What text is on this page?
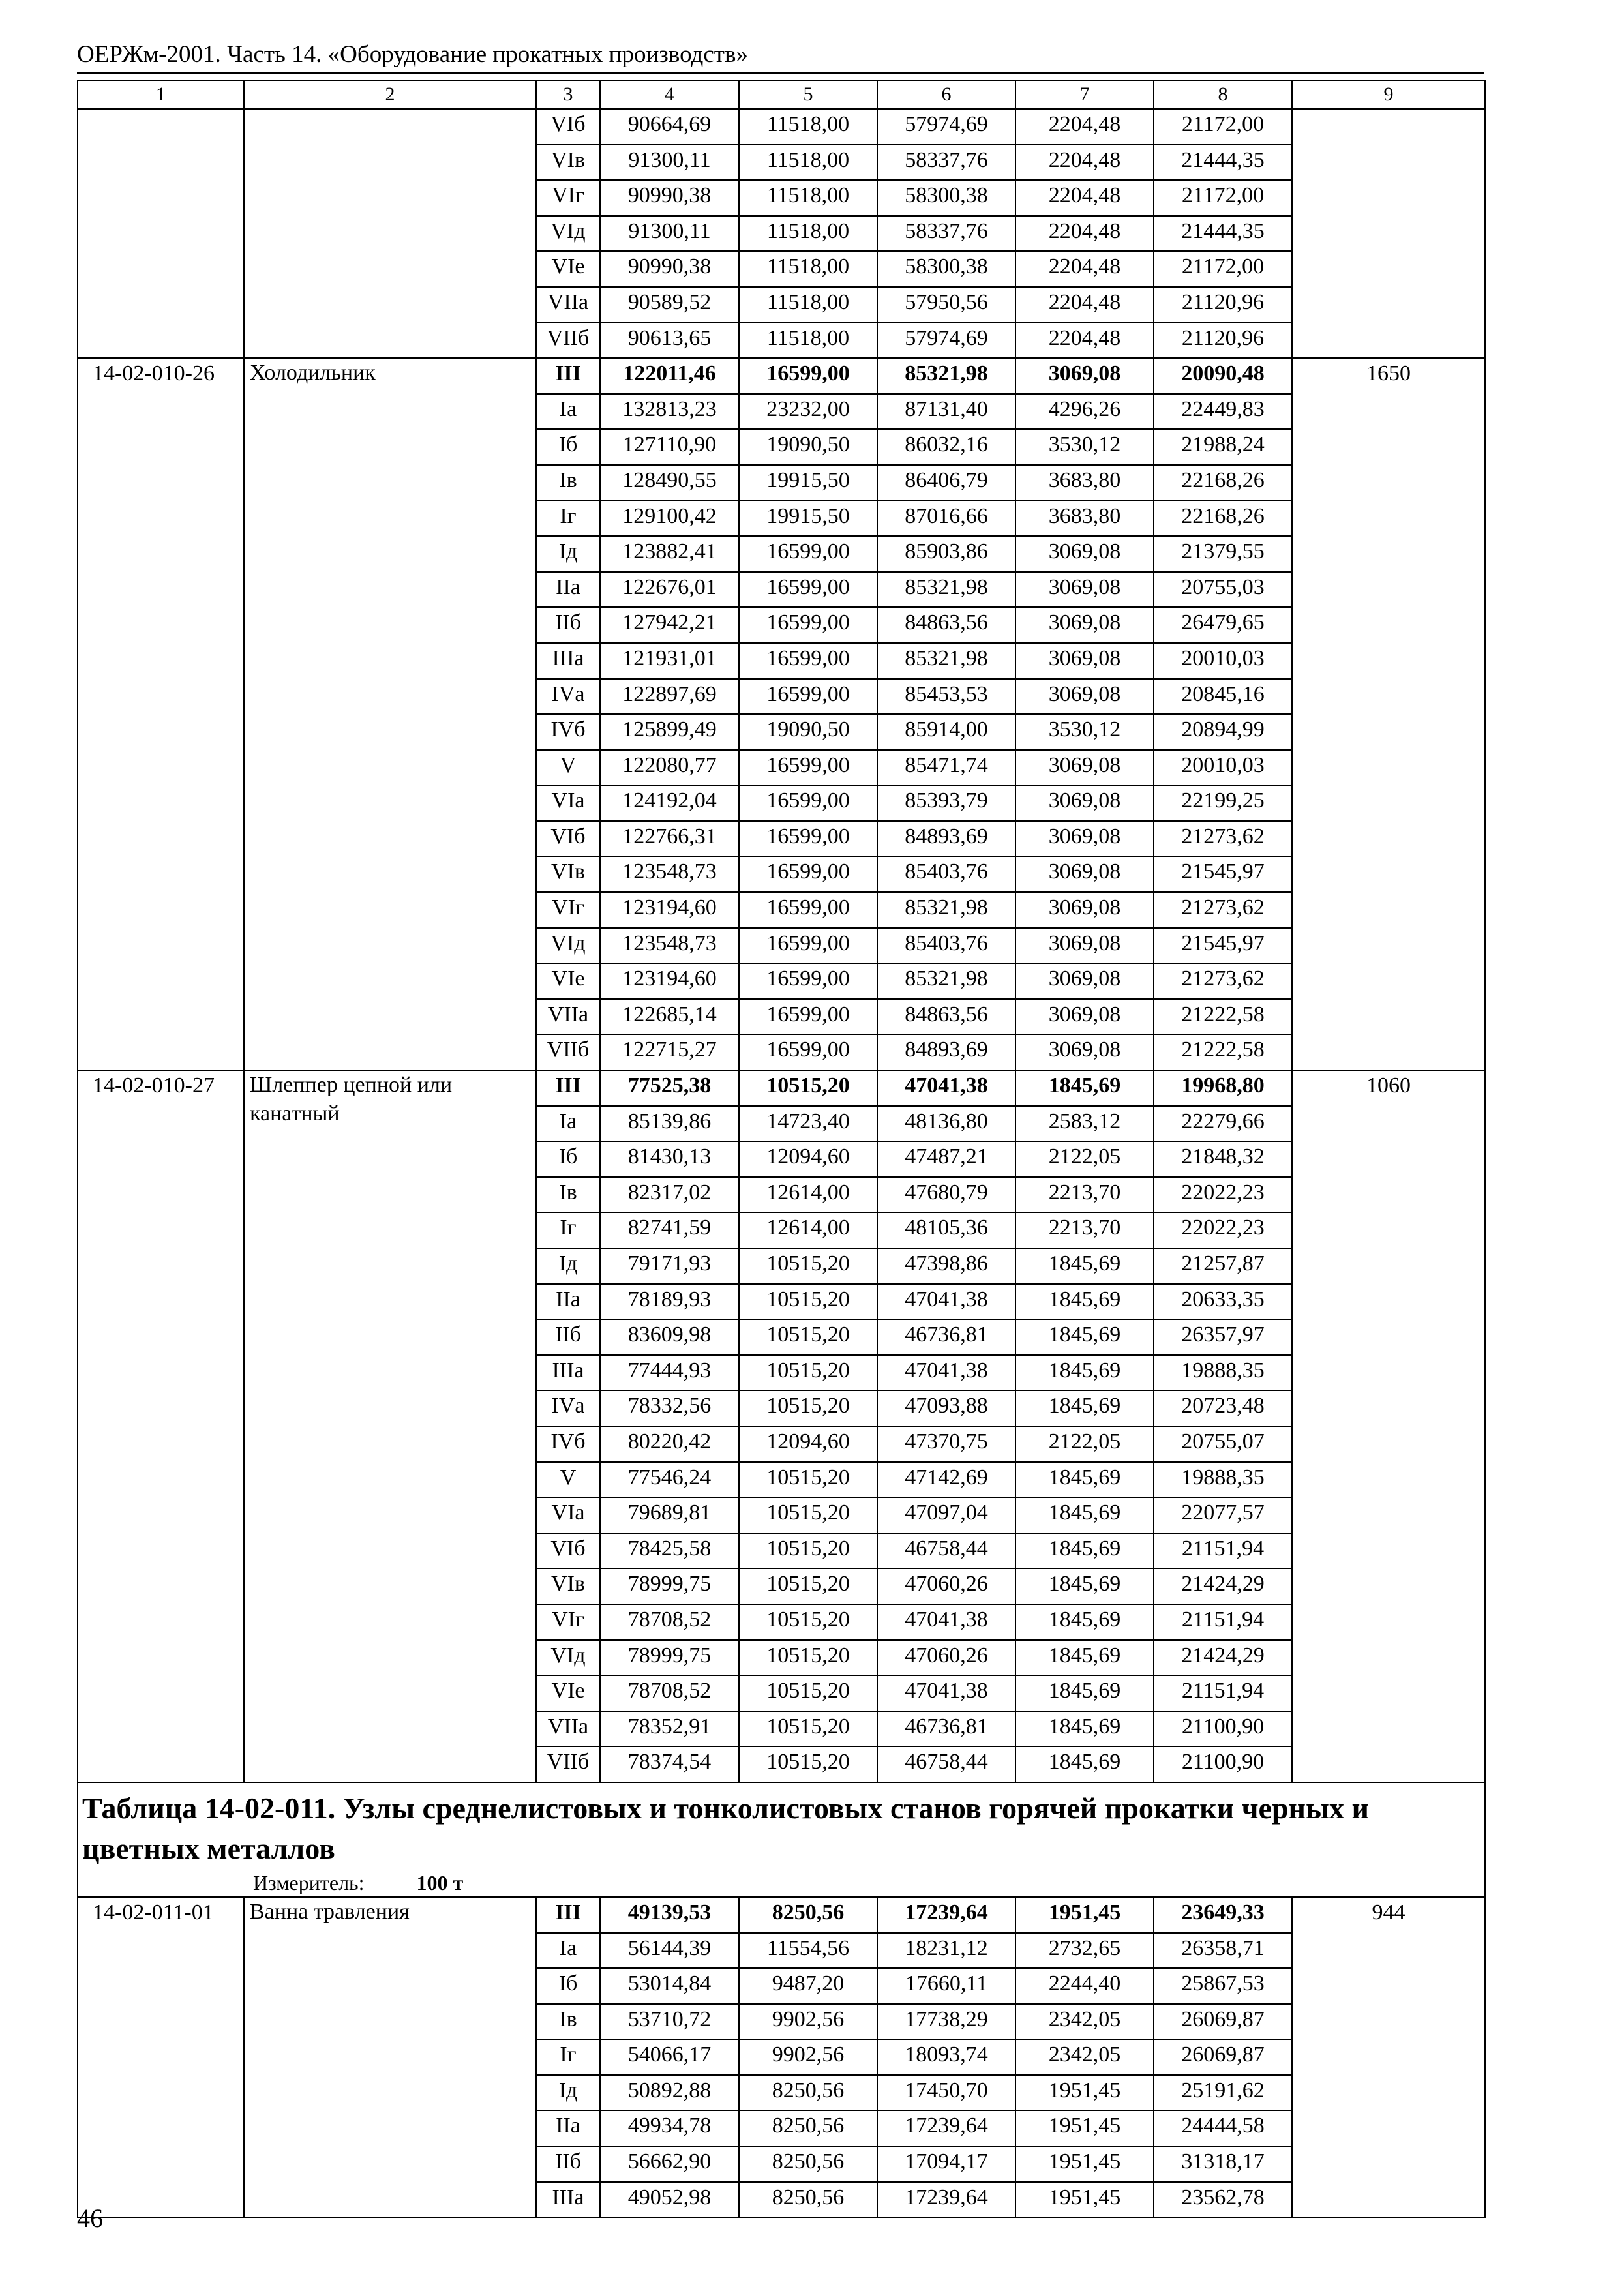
ОЕРЖм-2001. Часть 14. «Оборудование прокатных производств»
1	2	3	4	5	6	7	8	9
		VIб	90664,69	11518,00	57974,69	2204,48	21172,00	
		VIв	91300,11	11518,00	58337,76	2204,48	21444,35	
		VIг	90990,38	11518,00	58300,38	2204,48	21172,00	
		VIд	91300,11	11518,00	58337,76	2204,48	21444,35	
		VIе	90990,38	11518,00	58300,38	2204,48	21172,00	
		VIIа	90589,52	11518,00	57950,56	2204,48	21120,96	
		VIIб	90613,65	11518,00	57974,69	2204,48	21120,96	
14-02-010-26	Холодильник	III	122011,46	16599,00	85321,98	3069,08	20090,48	1650
		Iа	132813,23	23232,00	87131,40	4296,26	22449,83	
		Iб	127110,90	19090,50	86032,16	3530,12	21988,24	
		Iв	128490,55	19915,50	86406,79	3683,80	22168,26	
		Iг	129100,42	19915,50	87016,66	3683,80	22168,26	
		Iд	123882,41	16599,00	85903,86	3069,08	21379,55	
		IIа	122676,01	16599,00	85321,98	3069,08	20755,03	
		IIб	127942,21	16599,00	84863,56	3069,08	26479,65	
		IIIа	121931,01	16599,00	85321,98	3069,08	20010,03	
		IVа	122897,69	16599,00	85453,53	3069,08	20845,16	
		IVб	125899,49	19090,50	85914,00	3530,12	20894,99	
		V	122080,77	16599,00	85471,74	3069,08	20010,03	
		VIа	124192,04	16599,00	85393,79	3069,08	22199,25	
		VIб	122766,31	16599,00	84893,69	3069,08	21273,62	
		VIв	123548,73	16599,00	85403,76	3069,08	21545,97	
		VIг	123194,60	16599,00	85321,98	3069,08	21273,62	
		VIд	123548,73	16599,00	85403,76	3069,08	21545,97	
		VIе	123194,60	16599,00	85321,98	3069,08	21273,62	
		VIIа	122685,14	16599,00	84863,56	3069,08	21222,58	
		VIIб	122715,27	16599,00	84893,69	3069,08	21222,58	
14-02-010-27	Шлеппер цепной или канатный	III	77525,38	10515,20	47041,38	1845,69	19968,80	1060
		Iа	85139,86	14723,40	48136,80	2583,12	22279,66	
		Iб	81430,13	12094,60	47487,21	2122,05	21848,32	
		Iв	82317,02	12614,00	47680,79	2213,70	22022,23	
		Iг	82741,59	12614,00	48105,36	2213,70	22022,23	
		Iд	79171,93	10515,20	47398,86	1845,69	21257,87	
		IIа	78189,93	10515,20	47041,38	1845,69	20633,35	
		IIб	83609,98	10515,20	46736,81	1845,69	26357,97	
		IIIа	77444,93	10515,20	47041,38	1845,69	19888,35	
		IVа	78332,56	10515,20	47093,88	1845,69	20723,48	
		IVб	80220,42	12094,60	47370,75	2122,05	20755,07	
		V	77546,24	10515,20	47142,69	1845,69	19888,35	
		VIа	79689,81	10515,20	47097,04	1845,69	22077,57	
		VIб	78425,58	10515,20	46758,44	1845,69	21151,94	
		VIв	78999,75	10515,20	47060,26	1845,69	21424,29	
		VIг	78708,52	10515,20	47041,38	1845,69	21151,94	
		VIд	78999,75	10515,20	47060,26	1845,69	21424,29	
		VIе	78708,52	10515,20	47041,38	1845,69	21151,94	
		VIIа	78352,91	10515,20	46736,81	1845,69	21100,90	
		VIIб	78374,54	10515,20	46758,44	1845,69	21100,90	

Таблица 14-02-011. Узлы среднелистовых и тонколистовых станов горячей прокатки черных и цветных металлов
Измеритель: 100 т								

14-02-011-01	Ванна травления	III	49139,53	8250,56	17239,64	1951,45	23649,33	944
		Iа	56144,39	11554,56	18231,12	2732,65	26358,71	
		Iб	53014,84	9487,20	17660,11	2244,40	25867,53	
		Iв	53710,72	9902,56	17738,29	2342,05	26069,87	
		Iг	54066,17	9902,56	18093,74	2342,05	26069,87	
		Iд	50892,88	8250,56	17450,70	1951,45	25191,62	
		IIа	49934,78	8250,56	17239,64	1951,45	24444,58	
		IIб	56662,90	8250,56	17094,17	1951,45	31318,17	
		IIIа	49052,98	8250,56	17239,64	1951,45	23562,78	
46
